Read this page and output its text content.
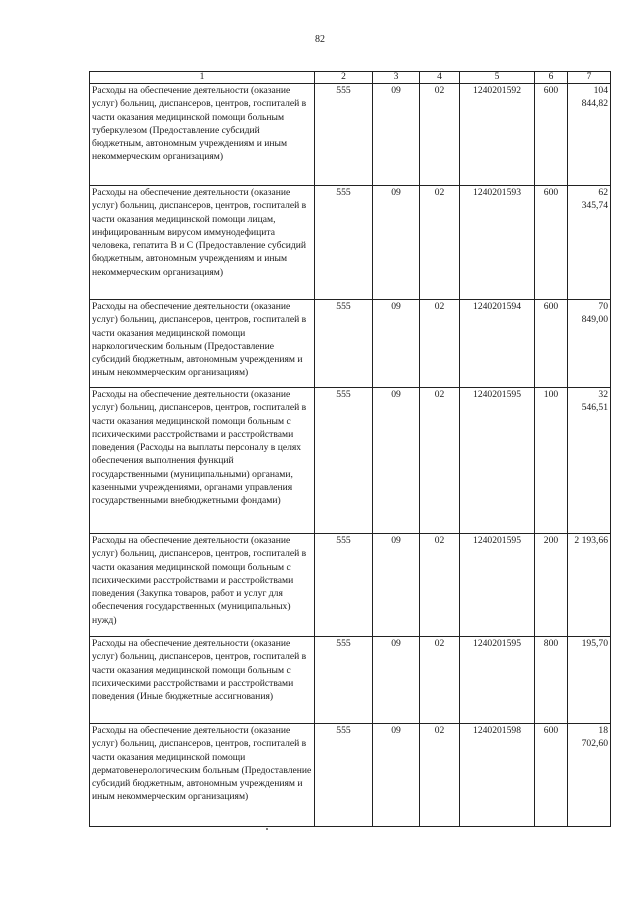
82
1	2	3	4	5	6	7
Расходы на обеспечение деятельности (оказание услуг) больниц, диспансеров, центров, госпиталей в части оказания медицинской помощи больным туберкулезом (Предоставление субсидий бюджетным, автономным учреждениям и иным некоммерческим организациям)	555	09	02	1240201592	600	104 844,82
Расходы на обеспечение деятельности (оказание услуг) больниц, диспансеров, центров, госпиталей в части оказания медицинской помощи лицам, инфицированным вирусом иммунодефицита человека, гепатита В и С (Предоставление субсидий бюджетным, автономным учреждениям и иным некоммерческим организациям)	555	09	02	1240201593	600	62 345,74
Расходы на обеспечение деятельности (оказание услуг) больниц, диспансеров, центров, госпиталей в части оказания медицинской помощи наркологическим больным (Предоставление субсидий бюджетным, автономным учреждениям и иным некоммерческим организациям)	555	09	02	1240201594	600	70 849,00
Расходы на обеспечение деятельности (оказание услуг) больниц, диспансеров, центров, госпиталей в части оказания медицинской помощи больным с психическими расстройствами и расстройствами поведения (Расходы на выплаты персоналу в целях обеспечения выполнения функций государственными (муниципальными) органами, казенными учреждениями, органами управления государственными внебюджетными фондами)	555	09	02	1240201595	100	32 546,51
Расходы на обеспечение деятельности (оказание услуг) больниц, диспансеров, центров, госпиталей в части оказания медицинской помощи больным с психическими расстройствами и расстройствами поведения (Закупка товаров, работ и услуг для обеспечения государственных (муниципальных) нужд)	555	09	02	1240201595	200	2 193,66
Расходы на обеспечение деятельности (оказание услуг) больниц, диспансеров, центров, госпиталей в части оказания медицинской помощи больным с психическими расстройствами и расстройствами поведения (Иные бюджетные ассигнования)	555	09	02	1240201595	800	195,70
Расходы на обеспечение деятельности (оказание услуг) больниц, диспансеров, центров, госпиталей в части оказания медицинской помощи дерматовенерологическим больным (Предоставление субсидий бюджетным, автономным учреждениям и иным некоммерческим организациям)	555	09	02	1240201598	600	18 702,60
